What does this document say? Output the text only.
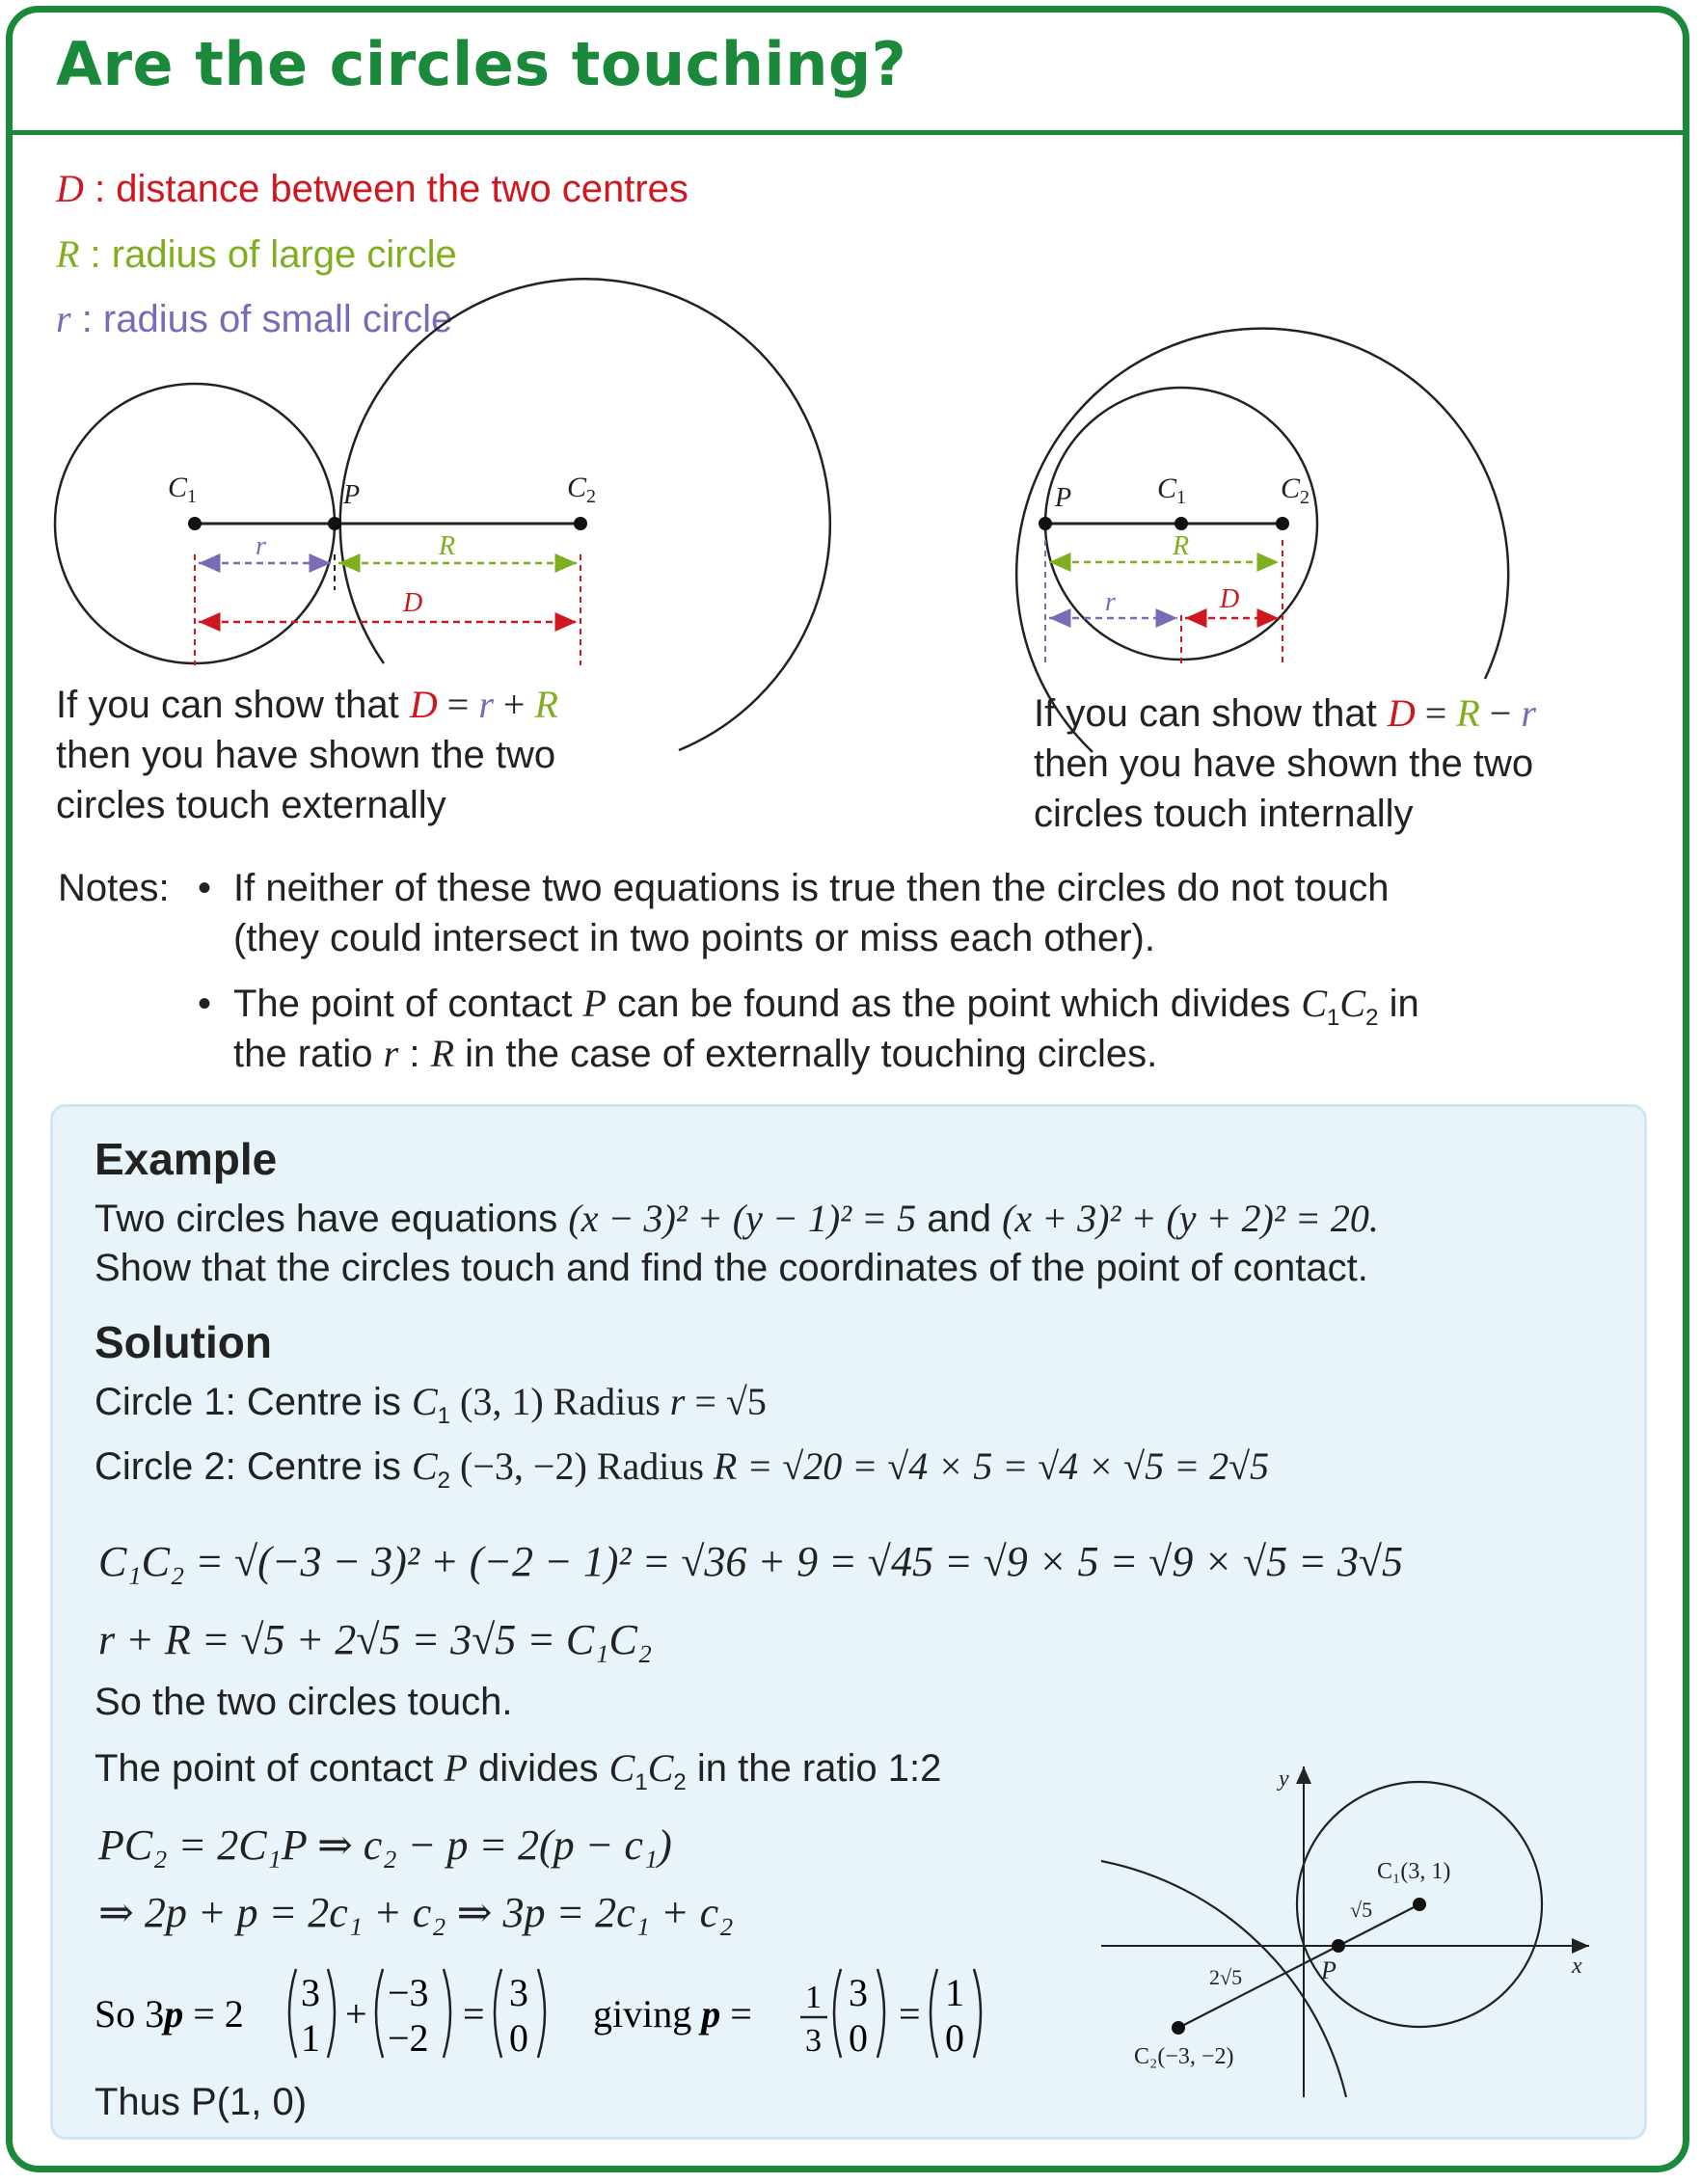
Are the circles touching?
D : distance between the two centres
R : radius of large circle
r : radius of small circle
$C_1$	P	$C_2$
r	R
D
P	$C_1$	$C_2$
R
r	D

If you can show that D = r + R

then you have shown the two

circles touch externally

If you can show that D = R − r

then you have shown the two

circles touch internally

Notes: • If neither of these two equations is true then the circles do not touch
(they could intersect in two points or miss each other).
• The point of contact P can be found as the point which divides $C_1C_2$ in
the ratio r : R in the case of externally touching circles.
Example
Two circles have equations (x − 3)² + (y − 1)² = 5 and (x + 3)² + (y + 2)² = 20.
Show that the circles touch and find the coordinates of the point of contact.
Solution
Circle 1: Centre is $C_1$ (3, 1) Radius r = √5
Circle 2: Centre is $C_2$ (−3, −2) Radius R = √20 = √4 × 5 = √4 × √5 = 2√5
C₁C₂ = √(−3 − 3)² + (−2 − 1)² = √36 + 9 = √45 = √9 × 5 = √9 × √5 = 3√5
r + R = √5 + 2√5 = 3√5 = C₁C₂
So the two circles touch.
The point of contact P divides $C_1C_2$ in the ratio 1:2
PC₂ = 2C₁P ⇒ c₂ − p = 2(p − c₁)
⇒ 2p + p = 2c₁ + c₂ ⇒ 3p = 2c₁ + c₂
So 3p = 2 3
1
+ −3
−2
= 3
0
giving p = 1
3
3
0
= 1
0
Thus P(1, 0)
y
x
P
C₁(3, 1)
C₂(−3, −2)
√5
2√5
